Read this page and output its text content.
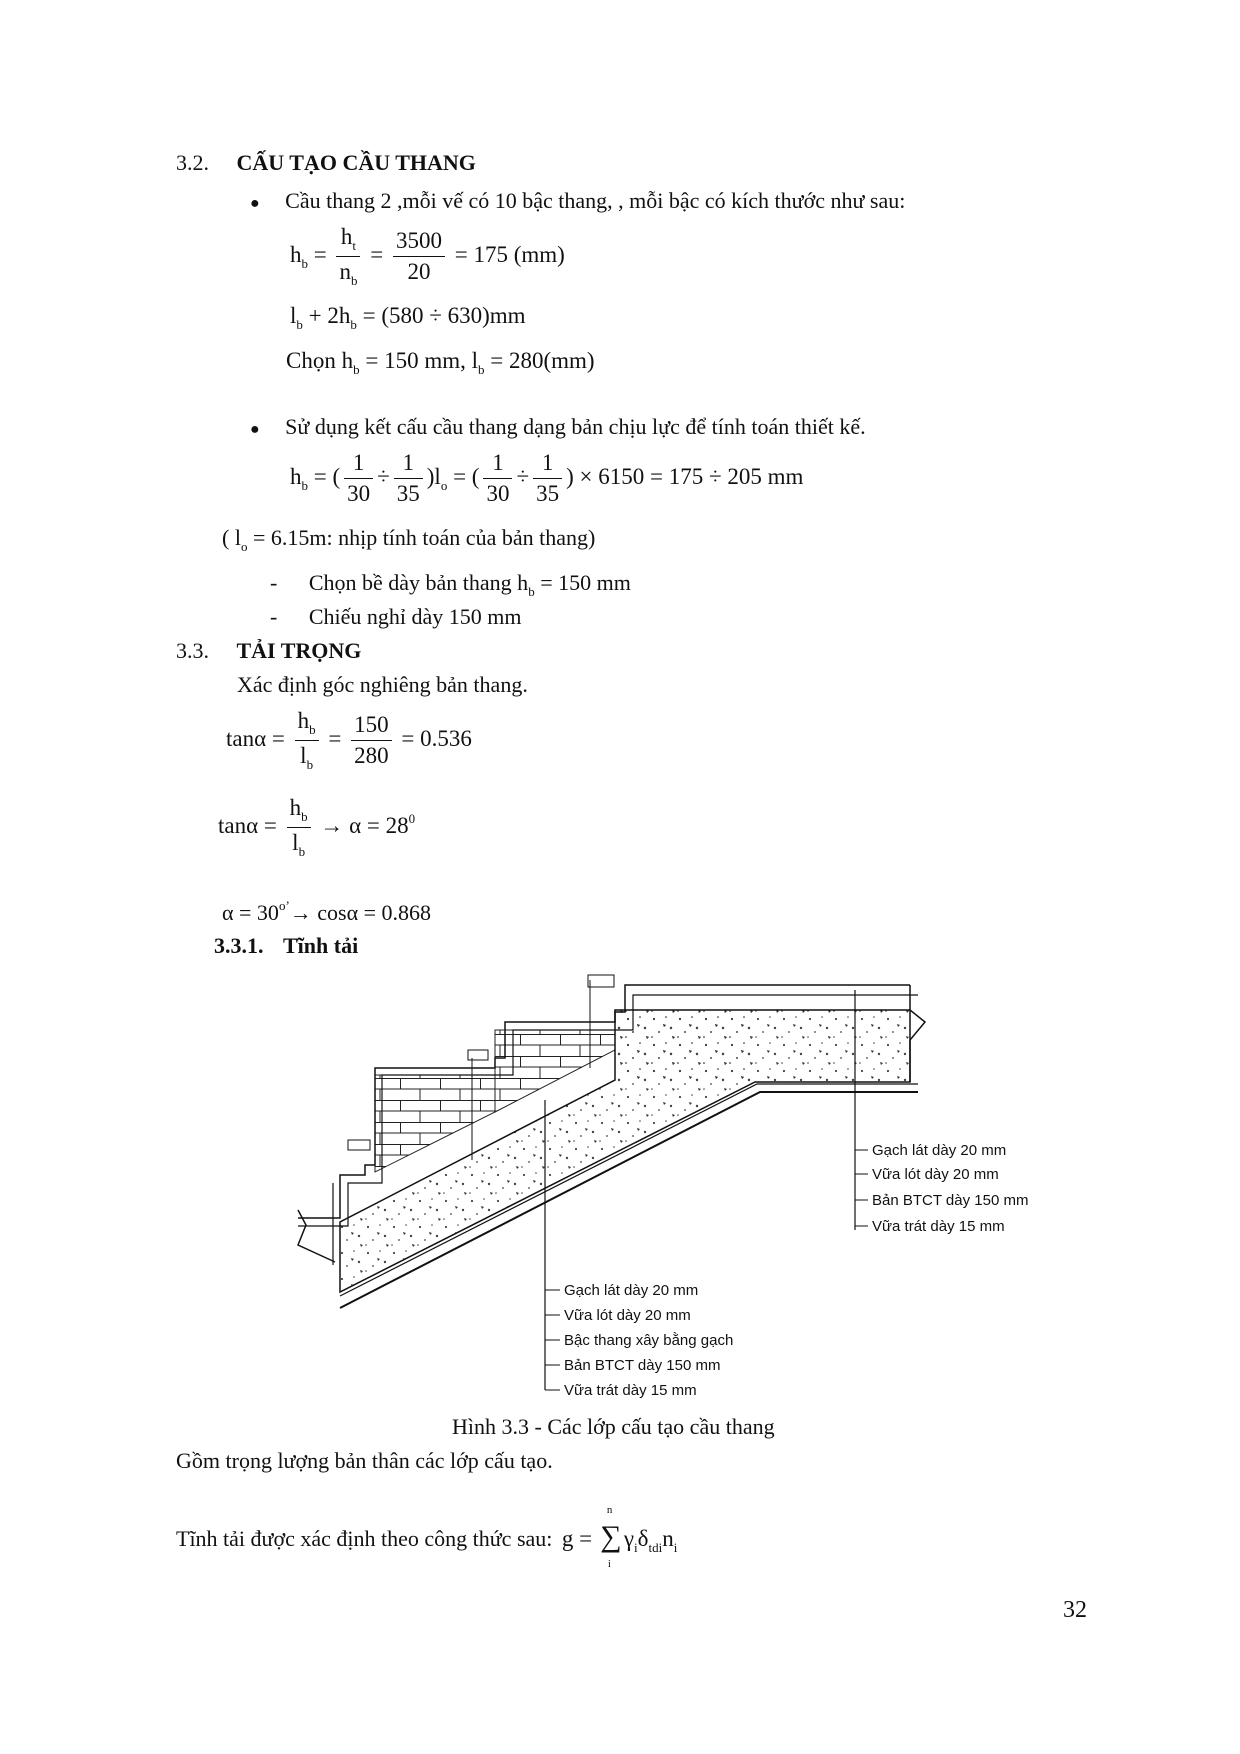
3.2. CẤU TẠO CẦU THANG
● Cầu thang 2 ,mỗi vế có 10 bậc thang, , mỗi bậc có kích thước như sau:
$h_b = \frac{h_t}{n_b} = \frac{3500}{20} = 175$ (mm)
$l_b + 2h_b = (580 \div 630)mm$
Chọn $h_b = 150$ mm, $l_b = 280(mm)$
● Sử dụng kết cấu cầu thang dạng bản chịu lực để tính toán thiết kế.
$h_b$ = ( $\frac{1}{30} \div \frac{1}{35} )l_o$ = ( $\frac{1}{30} \div \frac{1}{35}$ ) × 6150 = 175 ÷ 205 mm
( $l_o = 6.15m$: nhịp tính toán của bản thang)
- Chọn bề dày bản thang $h_b = 150$ mm
- Chiếu nghỉ dày 150 mm
3.3. TẢI TRỌNG
Xác định góc nghiêng bản thang.
$\tan\alpha = \frac{h_b}{l_b} = \frac{150}{280} = 0.536$
$\tan\alpha = \frac{h_b}{l_b} \to \alpha = 28^0$
$\alpha = 30^{o’}\to \cos\alpha = 0.868$
3.3.1. Tĩnh tải
Gạch lát dày 20 mm
Vữa lót dày 20 mm
Bản BTCT dày 150 mm
Vữa trát dày 15 mm
Gạch lát dày 20 mm
Vữa lót dày 20 mm
Bậc thang xây bằng gạch
Bản BTCT dày 150 mm
Vữa trát dày 15 mm
Hình 3.3 - Các lớp cấu tạo cầu thang
Gồm trọng lượng bản thân các lớp cấu tạo.
Tĩnh tải được xác định theo công thức sau: g =
n
∑
i
$\gamma_i\delta_{tdi}n_i$
32
